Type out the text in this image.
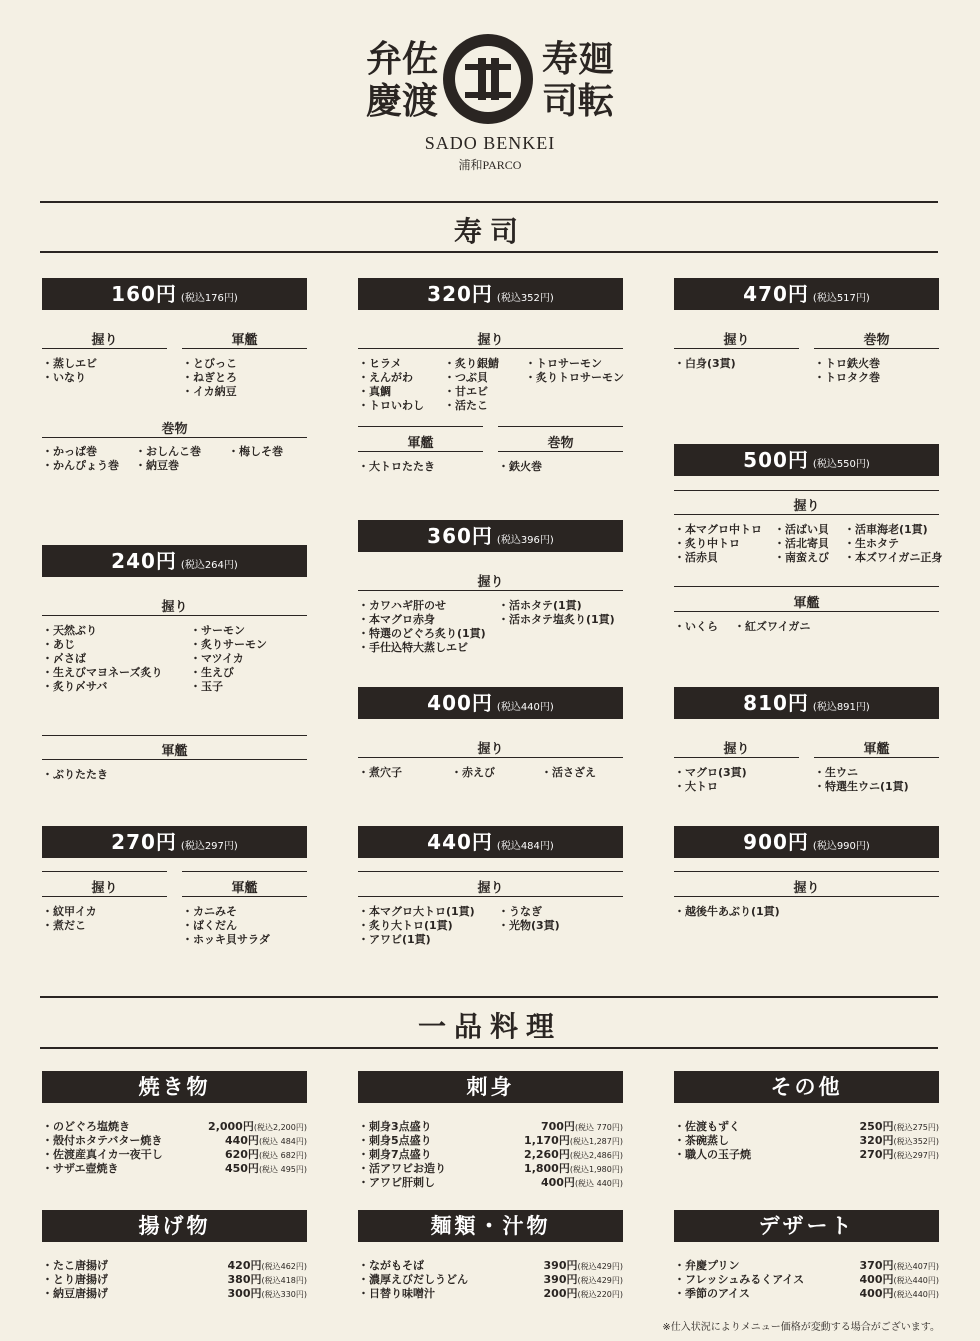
弁佐
慶渡
寿廻
司転
SADO BENKEI
浦和PARCO
寿司
160円 (税込176円)
握り	軍艦
・蒸しエビ
・いなり
・とびっこ
・ねぎとろ
・イカ納豆
巻物
・かっぱ巻
・かんぴょう巻
・おしんこ巻
・納豆巻
・梅しそ巻
240円 (税込264円)
握り
・天然ぶり
・あじ
・〆さば
・生えびマヨネーズ炙り
・炙り〆サバ
・サーモン
・炙りサーモン
・マツイカ
・生えび
・玉子
軍艦
・ぶりたたき
270円 (税込297円)
握り	軍艦
・紋甲イカ
・煮だこ
・カニみそ
・ばくだん
・ホッキ貝サラダ
320円 (税込352円)
握り
・ヒラメ
・えんがわ
・真鯛
・トロいわし
・炙り銀鯖
・つぶ貝
・甘エビ
・活たこ
・トロサーモン
・炙りトロサーモン
軍艦	巻物
・大トロたたき	・鉄火巻
360円 (税込396円)
握り
・カワハギ肝のせ
・本マグロ赤身
・特選のどぐろ炙り(1貫)
・手仕込特大蒸しエビ
・活ホタテ(1貫)
・活ホタテ塩炙り(1貫)
400円 (税込440円)
握り
・煮穴子	・赤えび	・活さざえ
440円 (税込484円)
握り
・本マグロ大トロ(1貫)
・炙り大トロ(1貫)
・アワビ(1貫)
・うなぎ
・光物(3貫)
470円 (税込517円)
握り	巻物
・白身(3貫)	・トロ鉄火巻
・トロタク巻
500円 (税込550円)
握り
・本マグロ中トロ
・炙り中トロ
・活赤貝
・活ばい貝
・活北寄貝
・南蛮えび
・活車海老(1貫)
・生ホタテ
・本ズワイガニ正身
軍艦
・いくら ・紅ズワイガニ
810円 (税込891円)
握り	軍艦
・マグロ(3貫)
・大トロ
・生ウニ
・特選生ウニ(1貫)
900円 (税込990円)
握り
・越後牛あぶり(1貫)
一品料理
焼き物
・のどぐろ塩焼き	2,000円(税込2,200円)
・殻付ホタテバター焼き	440円(税込 484円)
・佐渡産真イカ一夜干し	620円(税込 682円)
・サザエ壺焼き	450円(税込 495円)
刺身
・刺身3点盛り	700円(税込 770円)
・刺身5点盛り	1,170円(税込1,287円)
・刺身7点盛り	2,260円(税込2,486円)
・活アワビお造り	1,800円(税込1,980円)
・アワビ肝刺し	400円(税込 440円)
その他
・佐渡もずく	250円(税込275円)
・茶碗蒸し	320円(税込352円)
・職人の玉子焼	270円(税込297円)
揚げ物
・たこ唐揚げ	420円(税込462円)
・とり唐揚げ	380円(税込418円)
・納豆唐揚げ	300円(税込330円)
麺類・汁物
・ながもそば	390円(税込429円)
・濃厚えびだしうどん	390円(税込429円)
・日替り味噌汁	200円(税込220円)
デザート
・弁慶プリン	370円(税込407円)
・フレッシュみるくアイス	400円(税込440円)
・季節のアイス	400円(税込440円)
※仕入状況によりメニュー価格が変動する場合がございます。
